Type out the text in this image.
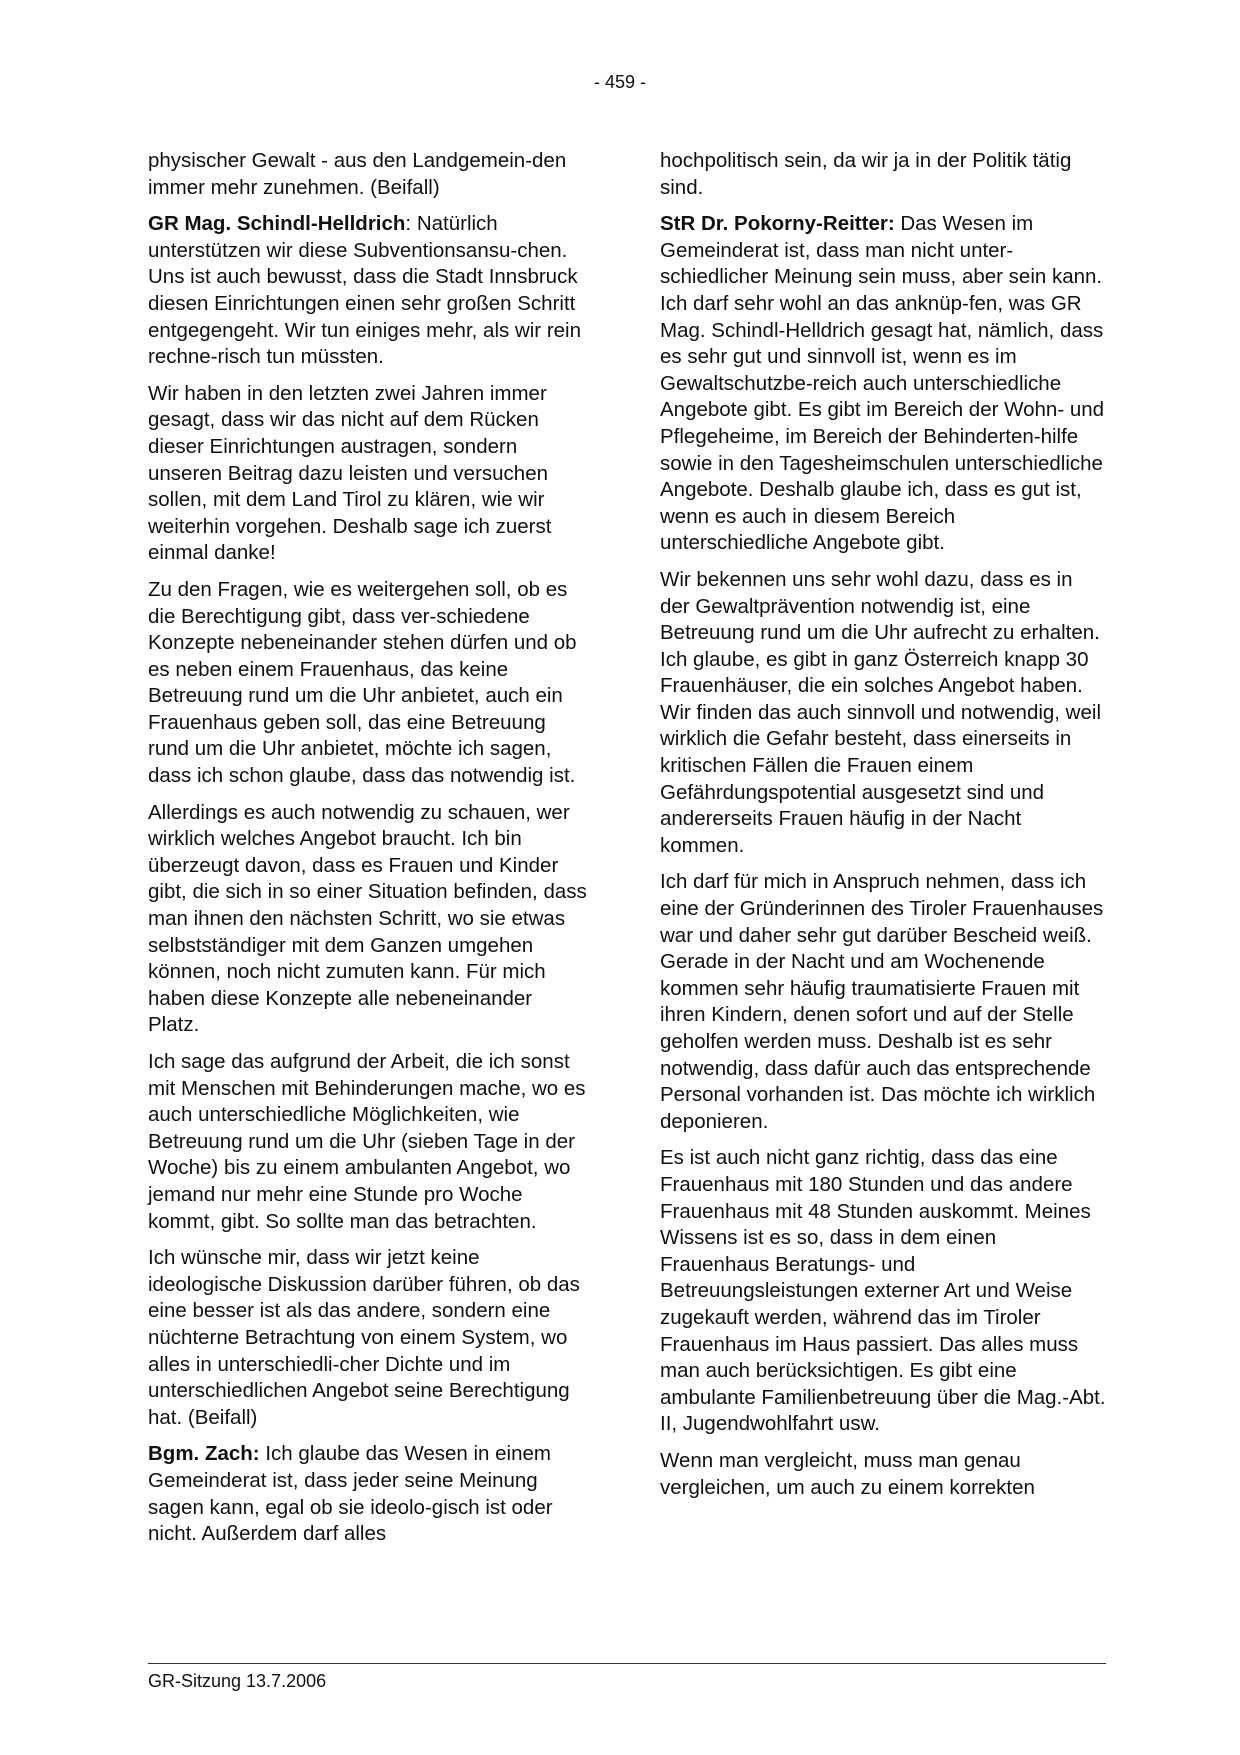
- 459 -

physischer Gewalt - aus den Landgemein-den immer mehr zunehmen. (Beifall)

GR Mag. Schindl-Helldrich: Natürlich unterstützen wir diese Subventionsansu-chen. Uns ist auch bewusst, dass die Stadt Innsbruck diesen Einrichtungen einen sehr großen Schritt entgegengeht. Wir tun einiges mehr, als wir rein rechne-risch tun müssten.

Wir haben in den letzten zwei Jahren immer gesagt, dass wir das nicht auf dem Rücken dieser Einrichtungen austragen, sondern unseren Beitrag dazu leisten und versuchen sollen, mit dem Land Tirol zu klären, wie wir weiterhin vorgehen. Deshalb sage ich zuerst einmal danke!

Zu den Fragen, wie es weitergehen soll, ob es die Berechtigung gibt, dass ver-schiedene Konzepte nebeneinander stehen dürfen und ob es neben einem Frauenhaus, das keine Betreuung rund um die Uhr anbietet, auch ein Frauenhaus geben soll, das eine Betreuung rund um die Uhr anbietet, möchte ich sagen, dass ich schon glaube, dass das notwendig ist.

Allerdings es auch notwendig zu schauen, wer wirklich welches Angebot braucht. Ich bin überzeugt davon, dass es Frauen und Kinder gibt, die sich in so einer Situation befinden, dass man ihnen den nächsten Schritt, wo sie etwas selbstständiger mit dem Ganzen umgehen können, noch nicht zumuten kann. Für mich haben diese Konzepte alle nebeneinander Platz.

Ich sage das aufgrund der Arbeit, die ich sonst mit Menschen mit Behinderungen mache, wo es auch unterschiedliche Möglichkeiten, wie Betreuung rund um die Uhr (sieben Tage in der Woche) bis zu einem ambulanten Angebot, wo jemand nur mehr eine Stunde pro Woche kommt, gibt. So sollte man das betrachten.

Ich wünsche mir, dass wir jetzt keine ideologische Diskussion darüber führen, ob das eine besser ist als das andere, sondern eine nüchterne Betrachtung von einem System, wo alles in unterschiedli-cher Dichte und im unterschiedlichen Angebot seine Berechtigung hat. (Beifall)

Bgm. Zach: Ich glaube das Wesen in einem Gemeinderat ist, dass jeder seine Meinung sagen kann, egal ob sie ideolo-gisch ist oder nicht. Außerdem darf alles

hochpolitisch sein, da wir ja in der Politik tätig sind.

StR Dr. Pokorny-Reitter: Das Wesen im Gemeinderat ist, dass man nicht unter-schiedlicher Meinung sein muss, aber sein kann. Ich darf sehr wohl an das anknüp-fen, was GR Mag. Schindl-Helldrich gesagt hat, nämlich, dass es sehr gut und sinnvoll ist, wenn es im Gewaltschutzbe-reich auch unterschiedliche Angebote gibt. Es gibt im Bereich der Wohn- und Pflegeheime, im Bereich der Behinderten-hilfe sowie in den Tagesheimschulen unterschiedliche Angebote. Deshalb glaube ich, dass es gut ist, wenn es auch in diesem Bereich unterschiedliche Angebote gibt.

Wir bekennen uns sehr wohl dazu, dass es in der Gewaltprävention notwendig ist, eine Betreuung rund um die Uhr aufrecht zu erhalten. Ich glaube, es gibt in ganz Österreich knapp 30 Frauenhäuser, die ein solches Angebot haben. Wir finden das auch sinnvoll und notwendig, weil wirklich die Gefahr besteht, dass einerseits in kritischen Fällen die Frauen einem Gefährdungspotential ausgesetzt sind und andererseits Frauen häufig in der Nacht kommen.

Ich darf für mich in Anspruch nehmen, dass ich eine der Gründerinnen des Tiroler Frauenhauses war und daher sehr gut darüber Bescheid weiß. Gerade in der Nacht und am Wochenende kommen sehr häufig traumatisierte Frauen mit ihren Kindern, denen sofort und auf der Stelle geholfen werden muss. Deshalb ist es sehr notwendig, dass dafür auch das entsprechende Personal vorhanden ist. Das möchte ich wirklich deponieren.

Es ist auch nicht ganz richtig, dass das eine Frauenhaus mit 180 Stunden und das andere Frauenhaus mit 48 Stunden auskommt. Meines Wissens ist es so, dass in dem einen Frauenhaus Beratungs- und Betreuungsleistungen externer Art und Weise zugekauft werden, während das im Tiroler Frauenhaus im Haus passiert. Das alles muss man auch berücksichtigen. Es gibt eine ambulante Familienbetreuung über die Mag.-Abt. II, Jugendwohlfahrt usw.

Wenn man vergleicht, muss man genau vergleichen, um auch zu einem korrekten

GR-Sitzung 13.7.2006
